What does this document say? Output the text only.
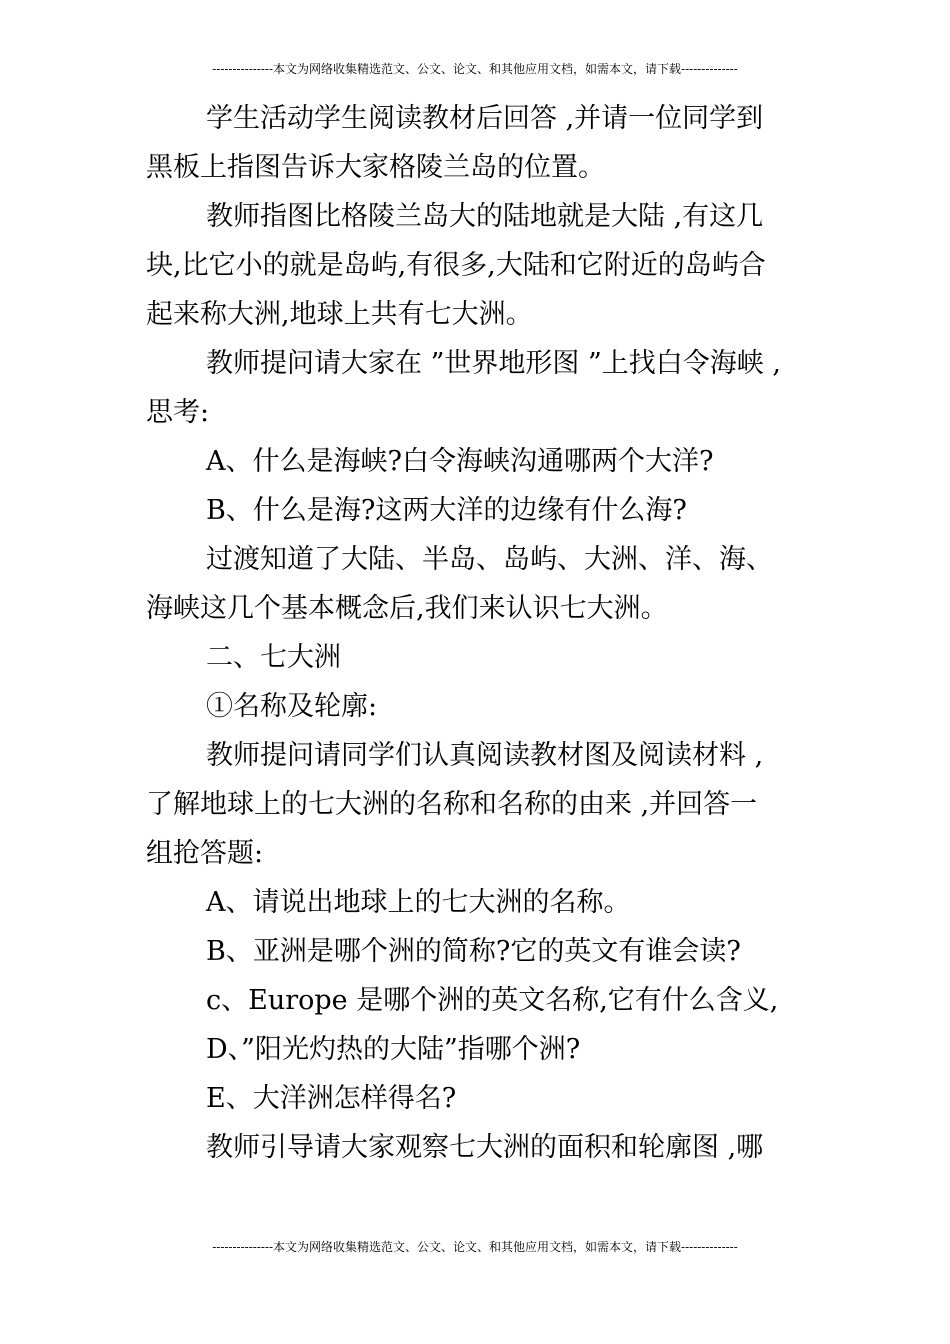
---------------本文为网络收集精选范文、公文、论文、和其他应用文档，如需本文，请下载--------------

学生活动学生阅读教材后回答 ,并请一位同学到
黑板上指图告诉大家格陵兰岛的位置。

教师指图比格陵兰岛大的陆地就是大陆 ,有这几
块,比它小的就是岛屿,有很多,大陆和它附近的岛屿合
起来称大洲,地球上共有七大洲。

教师提问请大家在 ”世界地形图 ”上找白令海峡 ,
思考:

A、什么是海峡?白令海峡沟通哪两个大洋?

B、什么是海?这两大洋的边缘有什么海?

过渡知道了大陆、半岛、岛屿、大洲、洋、海、
海峡这几个基本概念后,我们来认识七大洲。

二、七大洲

①名称及轮廓:

教师提问请同学们认真阅读教材图及阅读材料 ,
了解地球上的七大洲的名称和名称的由来 ,并回答一
组抢答题:

A、请说出地球上的七大洲的名称。

B、亚洲是哪个洲的简称?它的英文有谁会读?

c、Europe 是哪个洲的英文名称,它有什么含义,

D、”阳光灼热的大陆”指哪个洲?

E、大洋洲怎样得名?

教师引导请大家观察七大洲的面积和轮廓图 ,哪

---------------本文为网络收集精选范文、公文、论文、和其他应用文档，如需本文，请下载--------------
